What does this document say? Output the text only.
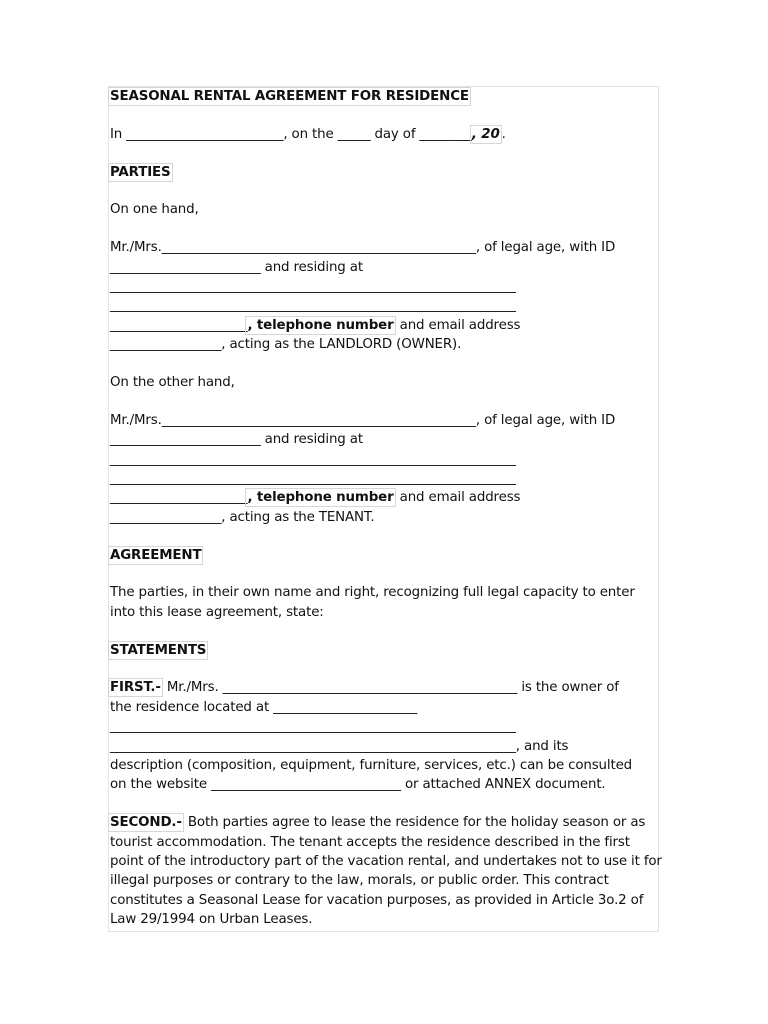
SEASONAL RENTAL AGREEMENT FOR RESIDENCE

In ________________________, on the _____ day of ________, 20 .

PARTIES

On one hand,

Mr./Mrs.________________________________________________, of legal age, with ID

_______________________ and residing at

______________________________________________________________

______________________________________________________________

_____________________, telephone number and email address

_________________, acting as the LANDLORD (OWNER).

On the other hand,

Mr./Mrs.________________________________________________, of legal age, with ID

_______________________ and residing at

______________________________________________________________

______________________________________________________________

_____________________, telephone number and email address

_________________, acting as the TENANT.

AGREEMENT

The parties, in their own name and right, recognizing full legal capacity to enter into this lease agreement, state:

STATEMENTS

FIRST.- Mr./Mrs. _____________________________________________ is the owner of

the residence located at ______________________

______________________________________________________________

______________________________________________________________, and its

description (composition, equipment, furniture, services, etc.) can be consulted

on the website _____________________________ or attached ANNEX document.

SECOND.- Both parties agree to lease the residence for the holiday season or as tourist accommodation. The tenant accepts the residence described in the first point of the introductory part of the vacation rental, and undertakes not to use it for illegal purposes or contrary to the law, morals, or public order. This contract constitutes a Seasonal Lease for vacation purposes, as provided in Article 3o.2 of Law 29/1994 on Urban Leases.
